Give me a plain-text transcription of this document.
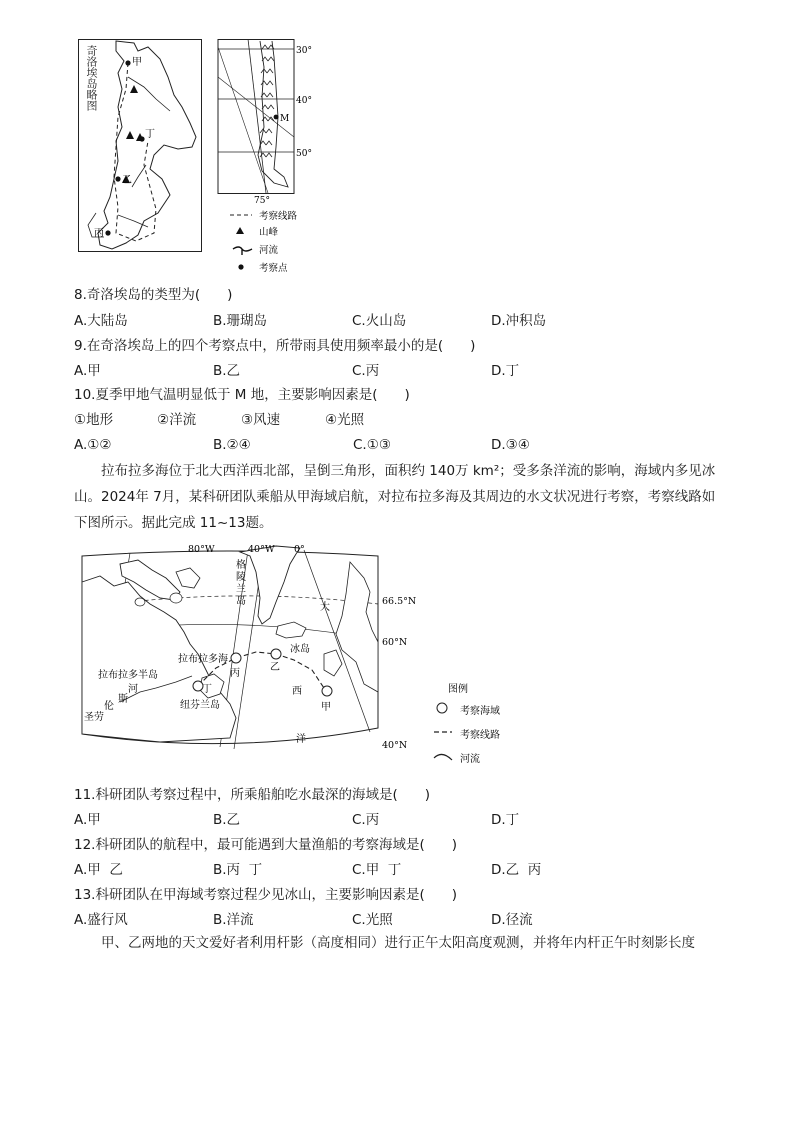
甲
丁
乙
丙
M
30°
40°
50°
75°
考察线路
山峰
河流
考察点
奇洛埃岛略图
8.奇洛埃岛的类型为(　　)
A.大陆岛	B.珊瑚岛	C.火山岛	D.冲积岛
9.在奇洛埃岛上的四个考察点中，所带雨具使用频率最小的是(　　)
A.甲	B.乙	C.丙	D.丁
10.夏季甲地气温明显低于 M 地，主要影响因素是(　　)
①地形	②洋流	③风速	④光照
A.①②	B.②④	C.①③	D.③④
拉布拉多海位于北大西洋西北部，呈倒三角形，面积约 140万 km²；受多条洋流的影响，海域内多见冰山。2024年 7月，某科研团队乘船从甲海域启航，对拉布拉多海及其周边的水文状况进行考察，考察线路如下图所示。据此完成 11~13题。
80°W	40°W 0°
66.5°N
60°N
40°N
格
陵
兰
岛
大
冰岛
拉布拉多海
乙
丙
西
甲
拉布拉多半岛
丁
纽芬兰岛
河
斯
伦
劳
圣
洋
图例
考察海域
考察线路
河流
11.科研团队考察过程中，所乘船舶吃水最深的海域是(　　)
A.甲	B.乙	C.丙	D.丁
12.科研团队的航程中，最可能遇到大量渔船的考察海域是(　　)
A.甲  乙	B.丙  丁	C.甲  丁	D.乙  丙
13.科研团队在甲海域考察过程少见冰山，主要影响因素是(　　)
A.盛行风	B.洋流	C.光照	D.径流
甲、乙两地的天文爱好者利用杆影（高度相同）进行正午太阳高度观测，并将年内杆正午时刻影长度
